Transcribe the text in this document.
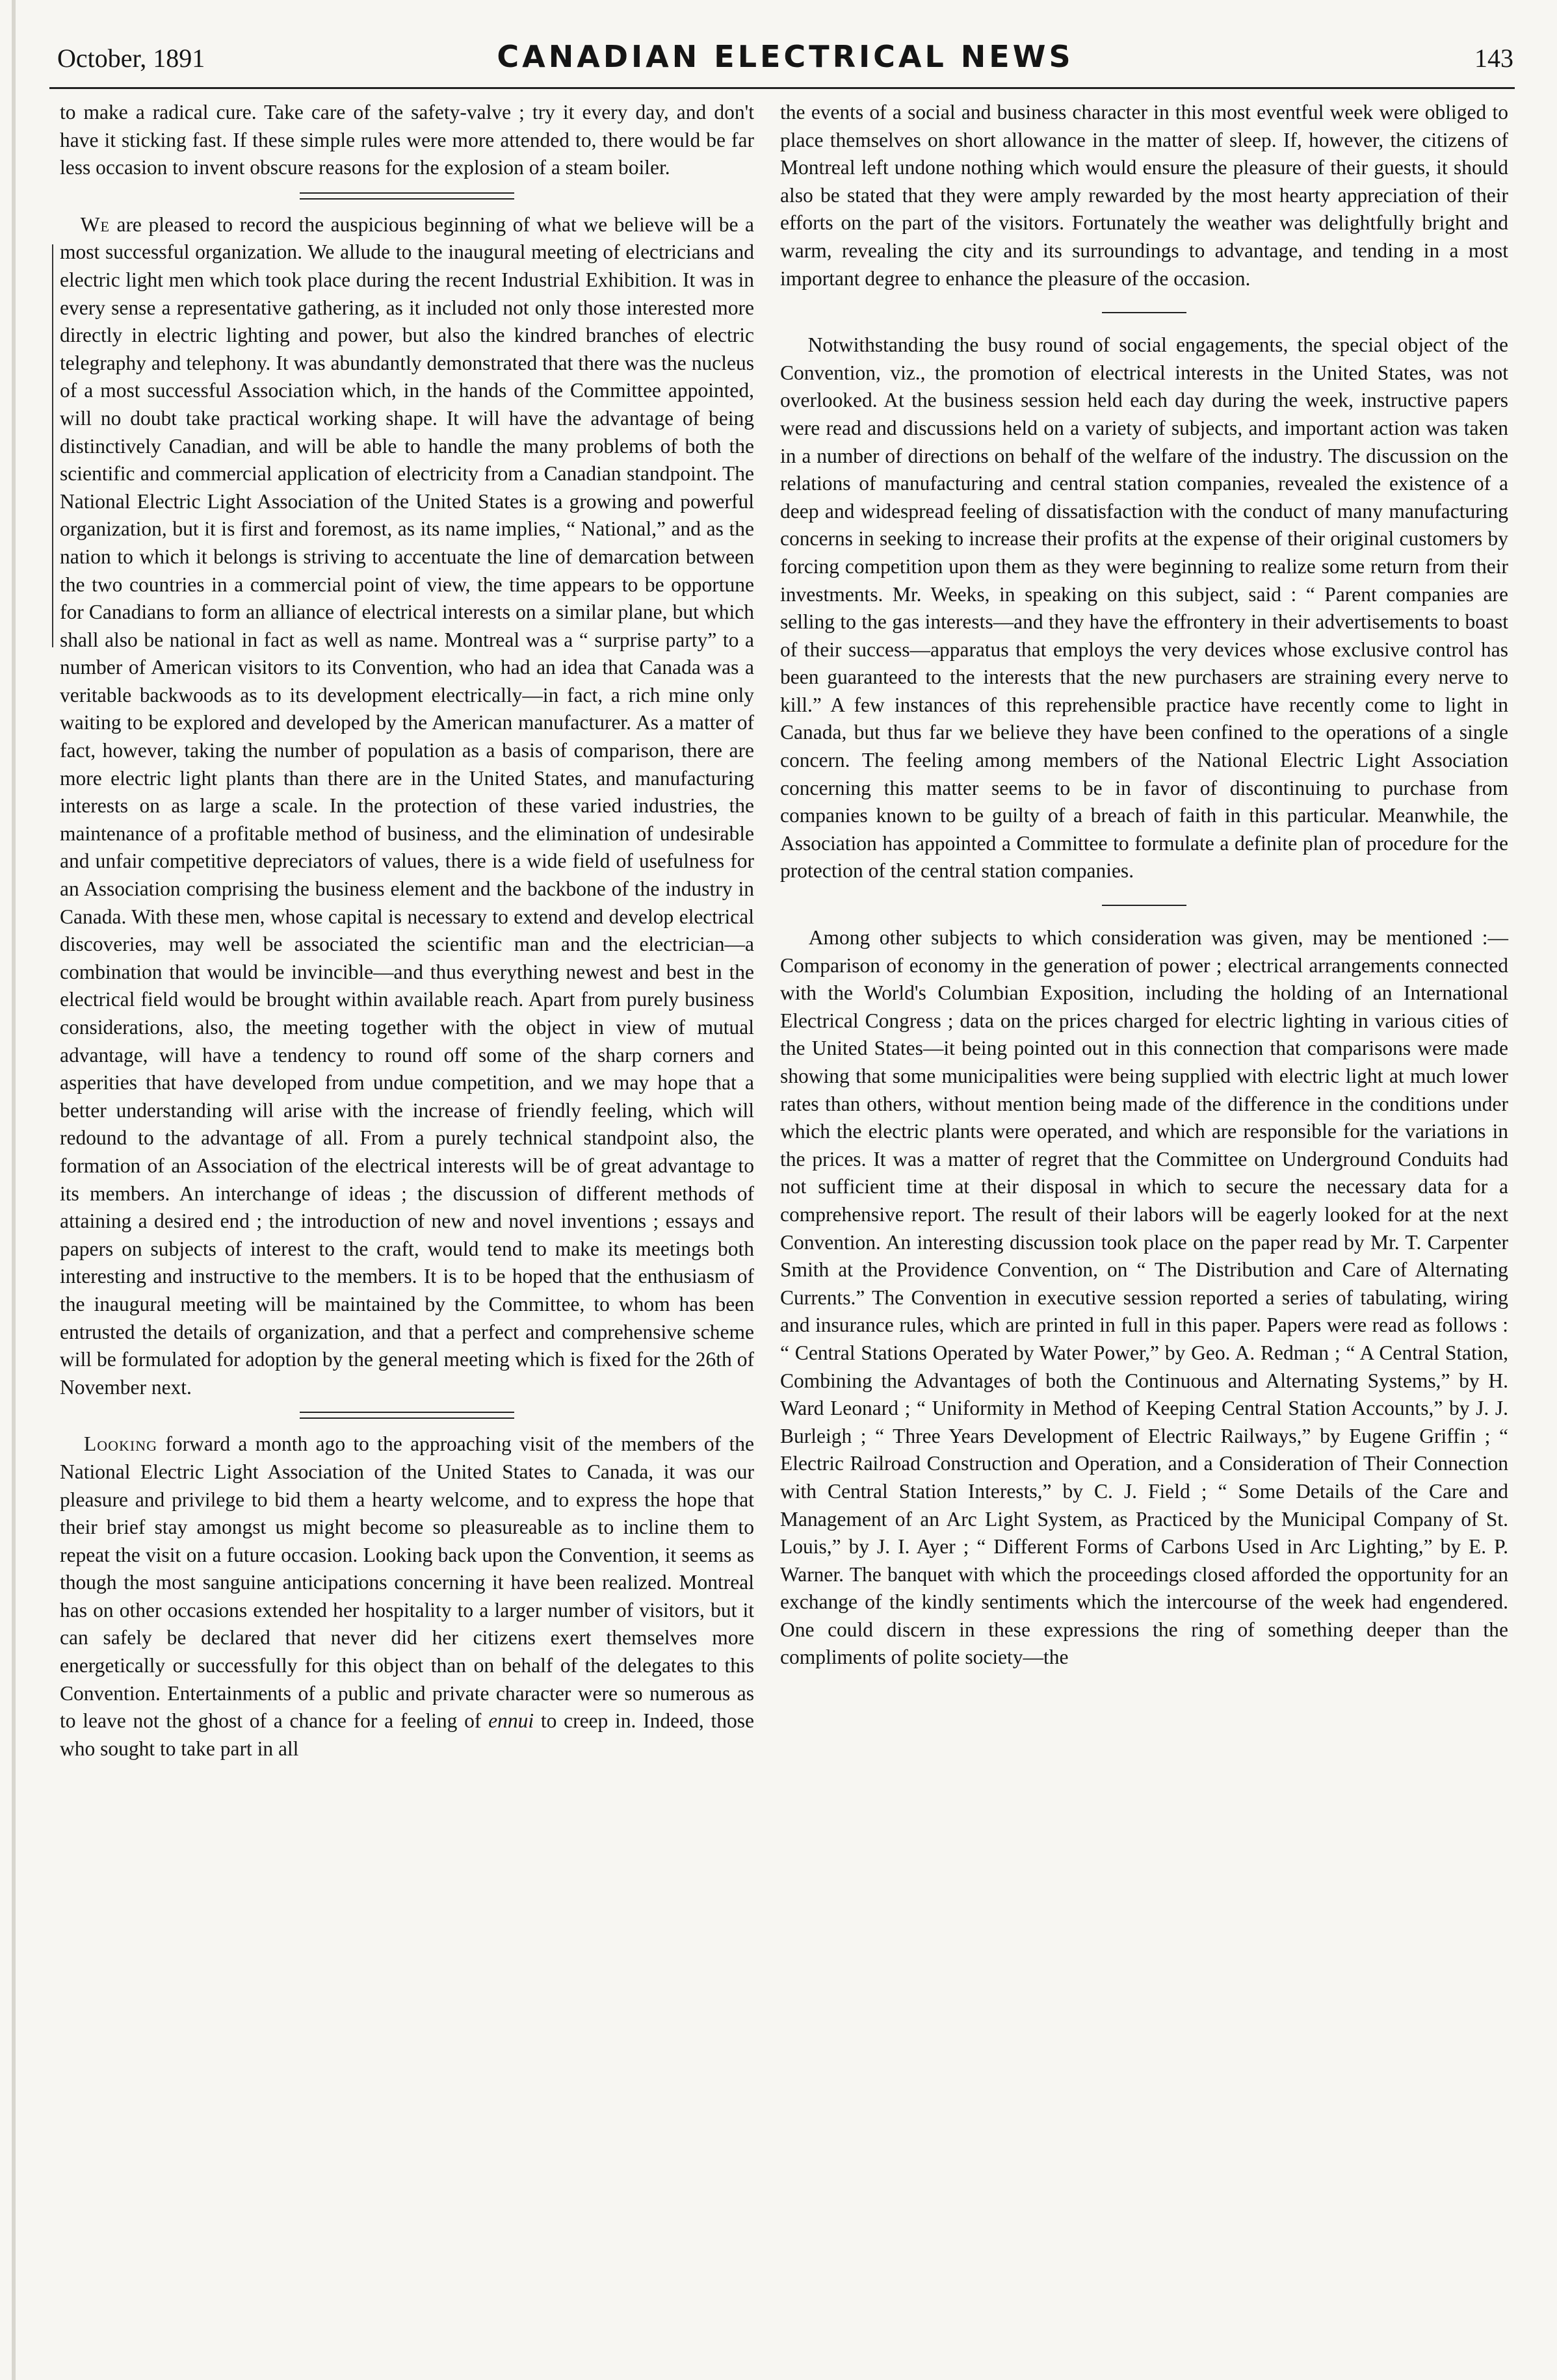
October, 1891	CANADIAN ELECTRICAL NEWS	143

to make a radical cure. Take care of the safety-valve ; try it every day, and don't have it sticking fast. If these simple rules were more attended to, there would be far less occasion to invent obscure reasons for the explosion of a steam boiler.

We are pleased to record the auspicious beginning of what we believe will be a most successful organization. We allude to the inaugural meeting of electricians and electric light men which took place during the recent Industrial Exhibition. It was in every sense a representative gathering, as it included not only those interested more directly in electric lighting and power, but also the kindred branches of electric telegraphy and telephony. It was abundantly demonstrated that there was the nucleus of a most successful Association which, in the hands of the Committee appointed, will no doubt take practical working shape. It will have the advantage of being distinctively Canadian, and will be able to handle the many problems of both the scientific and commercial application of electricity from a Canadian standpoint. The National Electric Light Association of the United States is a growing and powerful organization, but it is first and foremost, as its name implies, “ National,” and as the nation to which it belongs is striving to accentuate the line of demarcation between the two countries in a commercial point of view, the time appears to be opportune for Canadians to form an alliance of electrical interests on a similar plane, but which shall also be national in fact as well as name. Montreal was a “ surprise party” to a number of American visitors to its Convention, who had an idea that Canada was a veritable backwoods as to its development electrically—in fact, a rich mine only waiting to be explored and developed by the American manufacturer. As a matter of fact, however, taking the number of population as a basis of comparison, there are more electric light plants than there are in the United States, and manufacturing interests on as large a scale. In the protection of these varied industries, the maintenance of a profitable method of business, and the elimination of undesirable and unfair competitive depreciators of values, there is a wide field of usefulness for an Association comprising the business element and the backbone of the industry in Canada. With these men, whose capital is necessary to extend and develop electrical discoveries, may well be associated the scientific man and the electrician—a combination that would be invincible—and thus everything newest and best in the electrical field would be brought within available reach. Apart from purely business considerations, also, the meeting together with the object in view of mutual advantage, will have a tendency to round off some of the sharp corners and asperities that have developed from undue competition, and we may hope that a better understanding will arise with the increase of friendly feeling, which will redound to the advantage of all. From a purely technical standpoint also, the formation of an Association of the electrical interests will be of great advantage to its members. An interchange of ideas ; the discussion of different methods of attaining a desired end ; the introduction of new and novel inventions ; essays and papers on subjects of interest to the craft, would tend to make its meetings both interesting and instructive to the members. It is to be hoped that the enthusiasm of the inaugural meeting will be maintained by the Committee, to whom has been entrusted the details of organization, and that a perfect and comprehensive scheme will be formulated for adoption by the general meeting which is fixed for the 26th of November next.

Looking forward a month ago to the approaching visit of the members of the National Electric Light Association of the United States to Canada, it was our pleasure and privilege to bid them a hearty welcome, and to express the hope that their brief stay amongst us might become so pleasureable as to incline them to repeat the visit on a future occasion. Looking back upon the Convention, it seems as though the most sanguine anticipations concerning it have been realized. Montreal has on other occasions extended her hospitality to a larger number of visitors, but it can safely be declared that never did her citizens exert themselves more energetically or successfully for this object than on behalf of the delegates to this Convention. Entertainments of a public and private character were so numerous as to leave not the ghost of a chance for a feeling of ennui to creep in. Indeed, those who sought to take part in all

the events of a social and business character in this most eventful week were obliged to place themselves on short allowance in the matter of sleep. If, however, the citizens of Montreal left undone nothing which would ensure the pleasure of their guests, it should also be stated that they were amply rewarded by the most hearty appreciation of their efforts on the part of the visitors. Fortunately the weather was delightfully bright and warm, revealing the city and its surroundings to advantage, and tending in a most important degree to enhance the pleasure of the occasion.

Notwithstanding the busy round of social engagements, the special object of the Convention, viz., the promotion of electrical interests in the United States, was not overlooked. At the business session held each day during the week, instructive papers were read and discussions held on a variety of subjects, and important action was taken in a number of directions on behalf of the welfare of the industry. The discussion on the relations of manufacturing and central station companies, revealed the existence of a deep and widespread feeling of dissatisfaction with the conduct of many manufacturing concerns in seeking to increase their profits at the expense of their original customers by forcing competition upon them as they were beginning to realize some return from their investments. Mr. Weeks, in speaking on this subject, said : “ Parent companies are selling to the gas interests—and they have the effrontery in their advertisements to boast of their success—apparatus that employs the very devices whose exclusive control has been guaranteed to the interests that the new purchasers are straining every nerve to kill.” A few instances of this reprehensible practice have recently come to light in Canada, but thus far we believe they have been confined to the operations of a single concern. The feeling among members of the National Electric Light Association concerning this matter seems to be in favor of discontinuing to purchase from companies known to be guilty of a breach of faith in this particular. Meanwhile, the Association has appointed a Committee to formulate a definite plan of procedure for the protection of the central station companies.

Among other subjects to which consideration was given, may be mentioned :—Comparison of economy in the generation of power ; electrical arrangements connected with the World's Columbian Exposition, including the holding of an International Electrical Congress ; data on the prices charged for electric lighting in various cities of the United States—it being pointed out in this connection that comparisons were made showing that some municipalities were being supplied with electric light at much lower rates than others, without mention being made of the difference in the conditions under which the electric plants were operated, and which are responsible for the variations in the prices. It was a matter of regret that the Committee on Underground Conduits had not sufficient time at their disposal in which to secure the necessary data for a comprehensive report. The result of their labors will be eagerly looked for at the next Convention. An interesting discussion took place on the paper read by Mr. T. Carpenter Smith at the Providence Convention, on “ The Distribution and Care of Alternating Currents.” The Convention in executive session reported a series of tabulating, wiring and insurance rules, which are printed in full in this paper. Papers were read as follows : “ Central Stations Operated by Water Power,” by Geo. A. Redman ; “ A Central Station, Combining the Advantages of both the Continuous and Alternating Systems,” by H. Ward Leonard ; “ Uniformity in Method of Keeping Central Station Accounts,” by J. J. Burleigh ; “ Three Years Development of Electric Railways,” by Eugene Griffin ; “ Electric Railroad Construction and Operation, and a Consideration of Their Connection with Central Station Interests,” by C. J. Field ; “ Some Details of the Care and Management of an Arc Light System, as Practiced by the Municipal Company of St. Louis,” by J. I. Ayer ; “ Different Forms of Carbons Used in Arc Lighting,” by E. P. Warner. The banquet with which the proceedings closed afforded the opportunity for an exchange of the kindly sentiments which the intercourse of the week had engendered. One could discern in these expressions the ring of something deeper than the compliments of polite society—the
